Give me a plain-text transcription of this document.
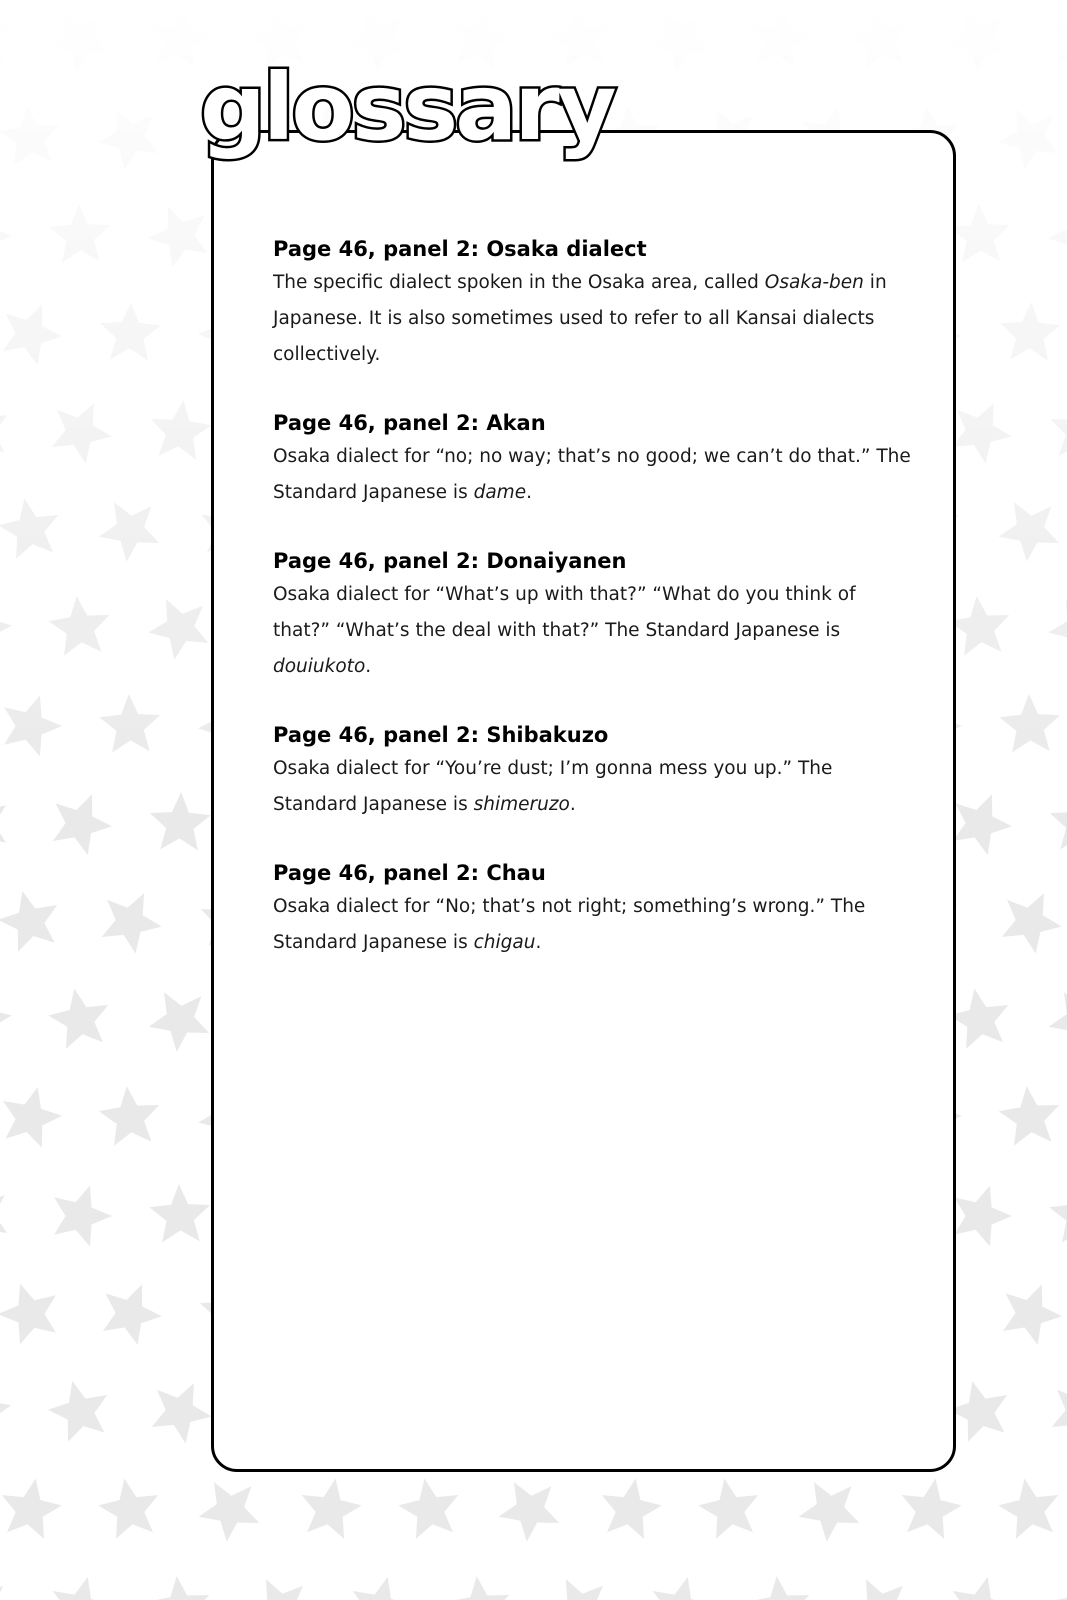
glossary

Page 46, panel 2: Osaka dialect

The specific dialect spoken in the Osaka area, called Osaka-ben in Japanese. It is also sometimes used to refer to all Kansai dialects collectively.

Page 46, panel 2: Akan

Osaka dialect for “no; no way; that’s no good; we can’t do that.” The Standard Japanese is dame.

Page 46, panel 2: Donaiyanen

Osaka dialect for “What’s up with that?” “What do you think of that?” “What’s the deal with that?” The Standard Japanese is douiukoto.

Page 46, panel 2: Shibakuzo

Osaka dialect for “You’re dust; I’m gonna mess you up.” The Standard Japanese is shimeruzo.

Page 46, panel 2: Chau

Osaka dialect for “No; that’s not right; something’s wrong.” The Standard Japanese is chigau.
